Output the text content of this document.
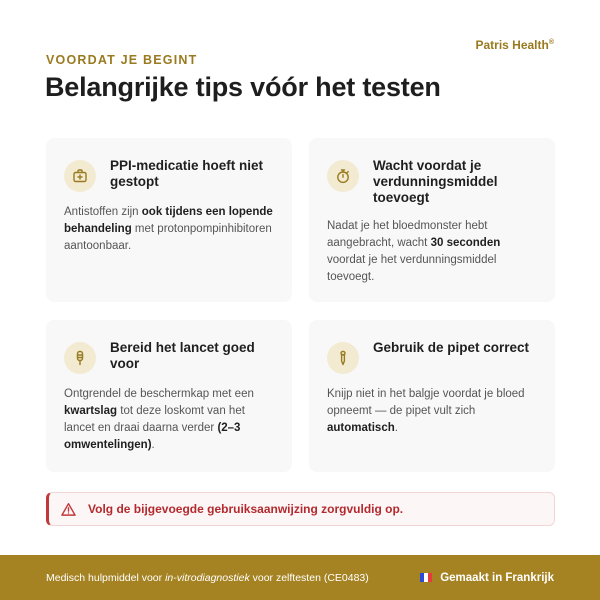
Patris Health®
VOORDAT JE BEGINT
Belangrijke tips vóór het testen
PPI-medicatie hoeft niet gestopt

Antistoffen zijn ook tijdens een lopende behandeling met protonpompinhibitoren aantoonbaar.

Wacht voordat je verdunningsmiddel toevoegt

Nadat je het bloedmonster hebt aangebracht, wacht 30 seconden voordat je het verdunningsmiddel toevoegt.

Bereid het lancet goed voor

Ontgrendel de beschermkap met een kwartslag tot deze loskomt van het lancet en draai daarna verder (2–3 omwentelingen).

Gebruik de pipet correct

Knijp niet in het balgje voordat je bloed opneemt — de pipet vult zich automatisch.

Volg de bijgevoegde gebruiksaanwijzing zorgvuldig op.
Medisch hulpmiddel voor in-vitrodiagnostiek voor zelftesten (CE0483)	Gemaakt in Frankrijk
